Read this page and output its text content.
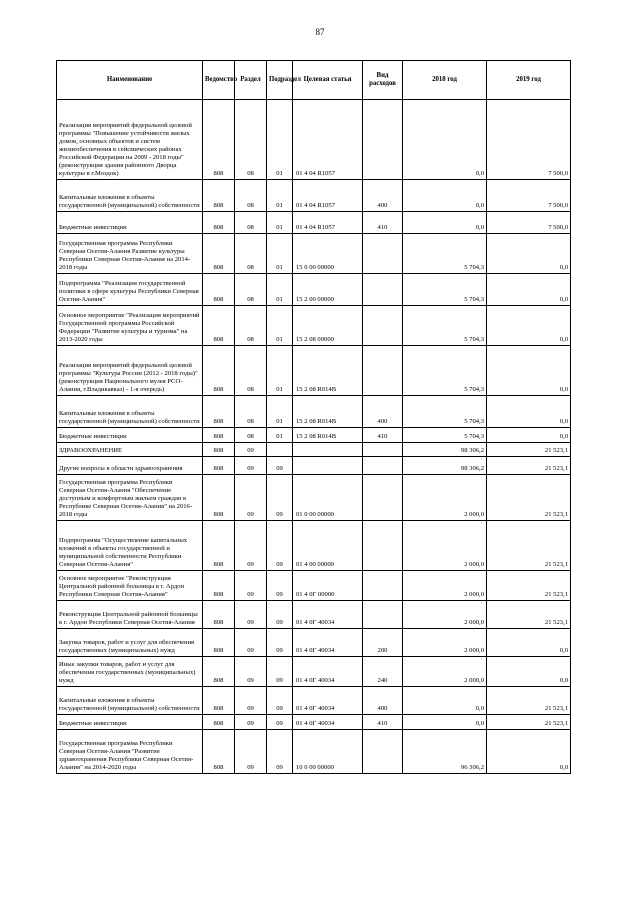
87
Наименование	Ведомство	Раздел	Подраздел	Целевая статья	Вид расходов	2018 год	2019 год
Реализация мероприятий федеральной целевой программы "Повышение устойчивости жилых домов, основных объектов и систем жизнеобеспечения в сейсмических районах Российской Федерации на 2009 - 2018 годы" (реконструкция здания районного Дворца культуры в г.Моздок)	808	08	01	01 4 04 R1057		0,0	7 500,0
Капитальные вложения в объекты государственной (муниципальной) собственности	808	08	01	01 4 04 R1057	400	0,0	7 500,0
Бюджетные инвестиции	808	08	01	01 4 04 R1057	410	0,0	7 500,0
Государственная программа Республики Северная Осетия-Алания Развитие культуры Республики Северная Осетия-Алания на 2014-2018 годы	808	08	01	15 0 00 00000		5 704,3	0,0
Подпрограмма "Реализация государственной политики в сфере культуры Республики Северная Осетия-Алания"	808	08	01	15 2 00 00000		5 704,3	0,0
Основное мероприятие "Реализация мероприятий Государственной программы Российской Федерации "Развитие культуры и туризма" на 2013-2020 годы	808	08	01	15 2 08 00000		5 704,3	0,0
Реализация мероприятий федеральной целевой программы "Культура России (2012 - 2018 годы)" (реконструкция Национального музея РСО-Алания, г.Владикавказ) - 1-я очередь)	808	08	01	15 2 08 R014B		5 704,3	0,0
Капитальные вложения в объекты государственной (муниципальной) собственности	808	08	01	15 2 08 R014B	400	5 704,3	0,0
Бюджетные инвестиции	808	08	01	15 2 08 R014B	410	5 704,3	0,0
ЗДРАВООХРАНЕНИЕ	808	09				98 306,2	21 523,1
Другие вопросы в области здравоохранения	808	09	09			98 306,2	21 523,1
Государственная программа Республики Северная Осетия-Алания "Обеспечение доступным и комфортным жильем граждан в Республике Северная Осетия-Алания" на 2016-2018 годы	808	09	09	01 0 00 00000		2 000,0	21 523,1
Подпрограмма "Осуществление капитальных вложений в объекты государственной и муниципальной собственности Республики Северная Осетия-Алания"	808	09	09	01 4 00 00000		2 000,0	21 523,1
Основное мероприятие "Реконструкция Центральной районной больницы в г. Ардон Республики Северная Осетия-Алания"	808	09	09	01 4 0Г 00000		2 000,0	21 523,1
Реконструкция Центральной районной больницы в г. Ардон Республики Северная Осетия-Алания	808	09	09	01 4 0Г 40034		2 000,0	21 523,1
Закупка товаров, работ и услуг для обеспечения государственных (муниципальных) нужд	808	09	09	01 4 0Г 40034	200	2 000,0	0,0
Иные закупки товаров, работ и услуг для обеспечения государственных (муниципальных) нужд	808	09	09	01 4 0Г 40034	240	2 000,0	0,0
Капитальные вложения в объекты государственной (муниципальной) собственности	808	09	09	01 4 0Г 40034	400	0,0	21 523,1
Бюджетные инвестиции	808	09	09	01 4 0Г 40034	410	0,0	21 523,1
Государственная программа Республики Северная Осетия-Алания "Развитие здравоохранения Республики Северная Осетия-Алания" на 2014-2020 годы	808	09	09	10 0 00 00000		96 306,2	0,0
